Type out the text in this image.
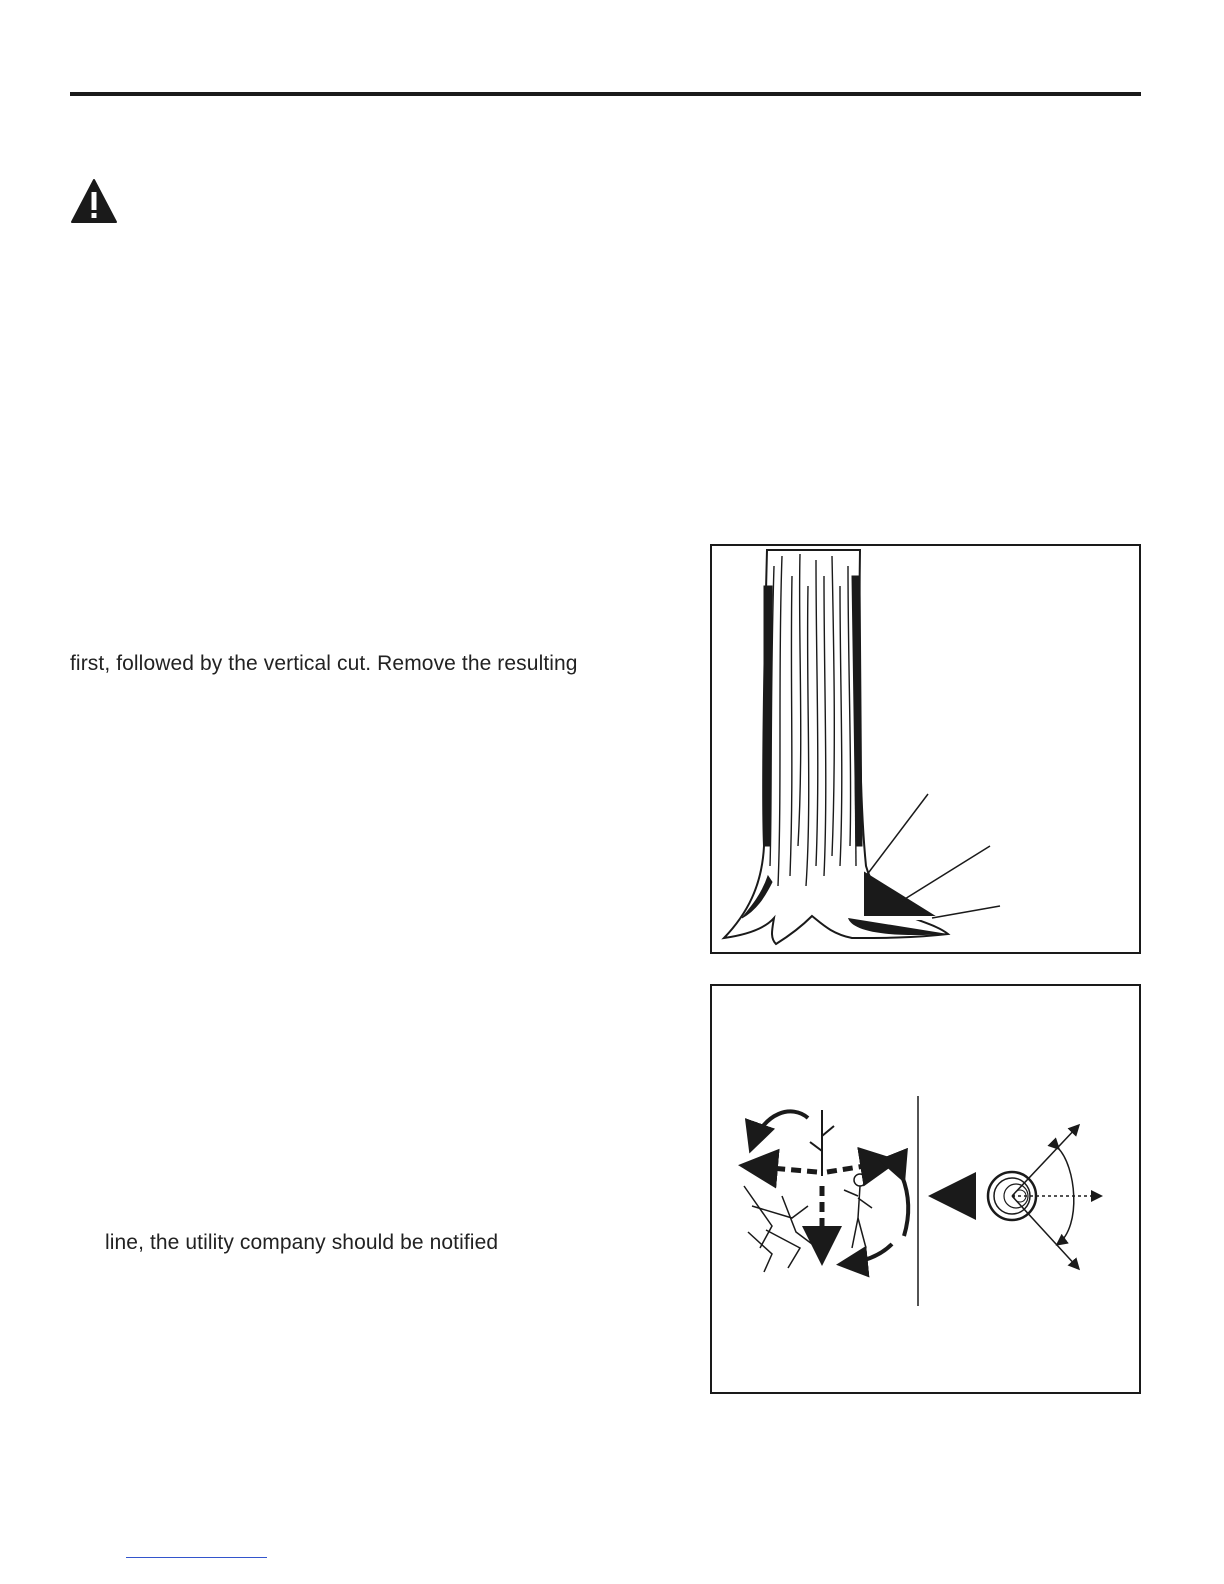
first, followed by the vertical cut. Remove the resulting
line, the utility company should be notified
